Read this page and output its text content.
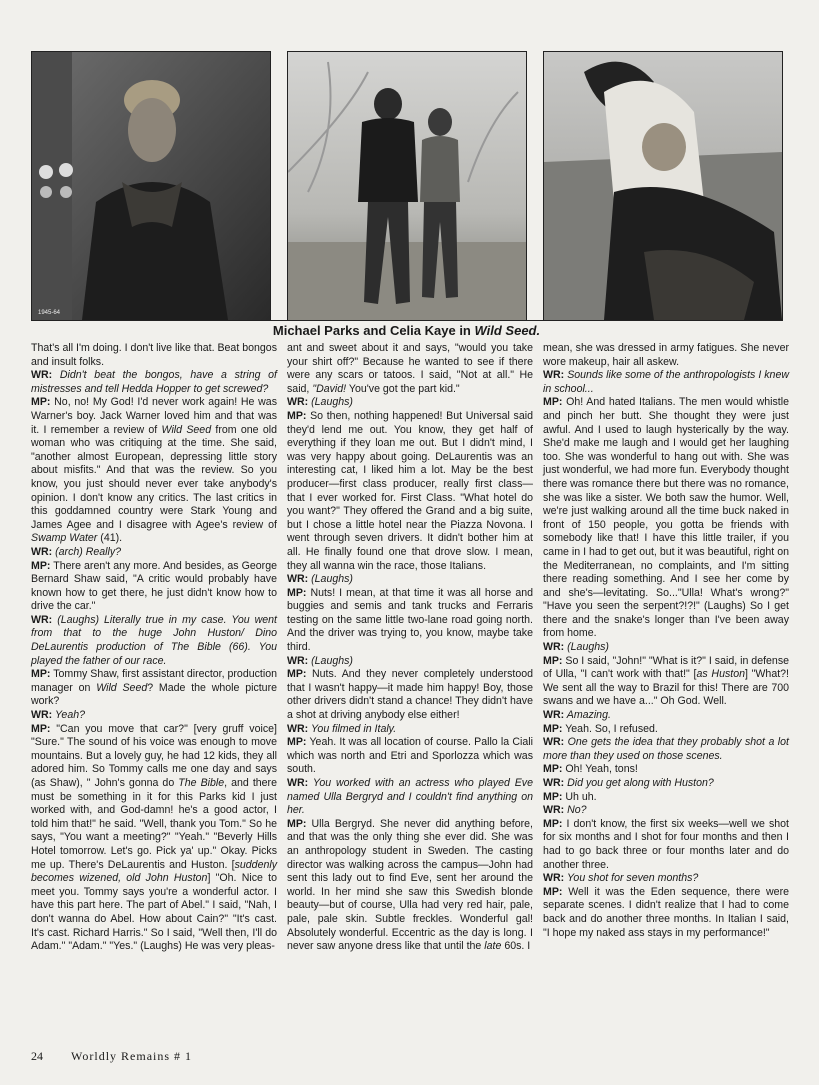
1945-64
Michael Parks and Celia Kaye in Wild Seed.

That's all I'm doing. I don't live like that. Beat bongos and insult folks.

WR: Didn't beat the bongos, have a string of mistresses and tell Hedda Hopper to get screwed?

MP: No, no! My God! I'd never work again! He was Warner's boy. Jack Warner loved him and that was it. I remember a review of Wild Seed from one old woman who was critiquing at the time. She said, "another almost European, depressing little story about misfits." And that was the review. So you know, you just should never ever take anybody's opinion. I don't know any critics. The last critics in this goddamned country were Stark Young and James Agee and I disagree with Agee's review of Swamp Water (41).

WR: (arch) Really?

MP: There aren't any more. And besides, as George Bernard Shaw said, "A critic would probably have known how to get there, he just didn't know how to drive the car."

WR: (Laughs) Literally true in my case. You went from that to the huge John Huston/ Dino DeLaurentis production of The Bible (66). You played the father of our race.

MP: Tommy Shaw, first assistant director, production manager on Wild Seed? Made the whole picture work?

WR: Yeah?

MP: "Can you move that car?" [very gruff voice] "Sure." The sound of his voice was enough to move mountains. But a lovely guy, he had 12 kids, they all adored him. So Tommy calls me one day and says (as Shaw), " John's gonna do The Bible, and there must be something in it for this Parks kid I just worked with, and God-damn! he's a good actor, I told him that!" he said. "Well, thank you Tom." So he says, "You want a meeting?" "Yeah." "Beverly Hills Hotel tomorrow. Let's go. Pick ya' up." Okay. Picks me up. There's DeLaurentis and Huston. [suddenly becomes wizened, old John Huston] "Oh. Nice to meet you. Tommy says you're a wonderful actor. I have this part here. The part of Abel." I said, "Nah, I don't wanna do Abel. How about Cain?" "It's cast. It's cast. Richard Harris." So I said, "Well then, I'll do Adam." "Adam." "Yes." (Laughs) He was very pleas-

ant and sweet about it and says, "would you take your shirt off?" Because he wanted to see if there were any scars or tatoos. I said, "Not at all." He said, "David! You've got the part kid."

WR: (Laughs)

MP: So then, nothing happened! But Universal said they'd lend me out. You know, they get half of everything if they loan me out. But I didn't mind, I was very happy about going. DeLaurentis was an interesting cat, I liked him a lot. May be the best producer—first class producer, really first class—that I ever worked for. First Class. "What hotel do you want?" They offered the Grand and a big suite, but I chose a little hotel near the Piazza Novona. I went through seven drivers. It didn't bother him at all. He finally found one that drove slow. I mean, they all wanna win the race, those Italians.

WR: (Laughs)

MP: Nuts! I mean, at that time it was all horse and buggies and semis and tank trucks and Ferraris testing on the same little two-lane road going north. And the driver was trying to, you know, maybe take third.

WR: (Laughs)

MP: Nuts. And they never completely understood that I wasn't happy—it made him happy! Boy, those other drivers didn't stand a chance! They didn't have a shot at driving anybody else either!

WR: You filmed in Italy.

MP: Yeah. It was all location of course. Pallo la Ciali which was north and Etri and Sporlozza which was south.

WR: You worked with an actress who played Eve named Ulla Bergryd and I couldn't find anything on her.

MP: Ulla Bergryd. She never did anything before, and that was the only thing she ever did. She was an anthropology student in Sweden. The casting director was walking across the campus—John had sent this lady out to find Eve, sent her around the world. In her mind she saw this Swedish blonde beauty—but of course, Ulla had very red hair, pale, pale, pale skin. Subtle freckles. Wonderful gal! Absolutely wonderful. Eccentric as the day is long. I never saw anyone dress like that until the late 60s. I

mean, she was dressed in army fatigues. She never wore makeup, hair all askew.

WR: Sounds like some of the anthropologists I knew in school...

MP: Oh! And hated Italians. The men would whistle and pinch her butt. She thought they were just awful. And I used to laugh hysterically by the way. She'd make me laugh and I would get her laughing too. She was wonderful to hang out with. She was just wonderful, we had more fun. Everybody thought there was romance there but there was no romance, she was like a sister. We both saw the humor. Well, we're just walking around all the time buck naked in front of 150 people, you gotta be friends with somebody like that! I have this little trailer, if you came in I had to get out, but it was beautiful, right on the Mediterranean, no complaints, and I'm sitting there reading something. And I see her come by and she's—levitating. So..."Ulla! What's wrong?" "Have you seen the serpent?!?!" (Laughs) So I get there and the snake's longer than I've been away from home.

WR: (Laughs)

MP: So I said, "John!" "What is it?" I said, in defense of Ulla, "I can't work with that!" [as Huston] "What?! We sent all the way to Brazil for this! There are 700 swans and we have a..." Oh God. Well.

WR: Amazing.

MP: Yeah. So, I refused.

WR: One gets the idea that they probably shot a lot more than they used on those scenes.

MP: Oh! Yeah, tons!

WR: Did you get along with Huston?

MP: Uh uh.

WR: No?

MP: I don't know, the first six weeks—well we shot for six months and I shot for four months and then I had to go back three or four months later and do another three.

WR: You shot for seven months?

MP: Well it was the Eden sequence, there were separate scenes. I didn't realize that I had to come back and do another three months. In Italian I said, "I hope my naked ass stays in my performance!"

24 Worldly Remains # 1
